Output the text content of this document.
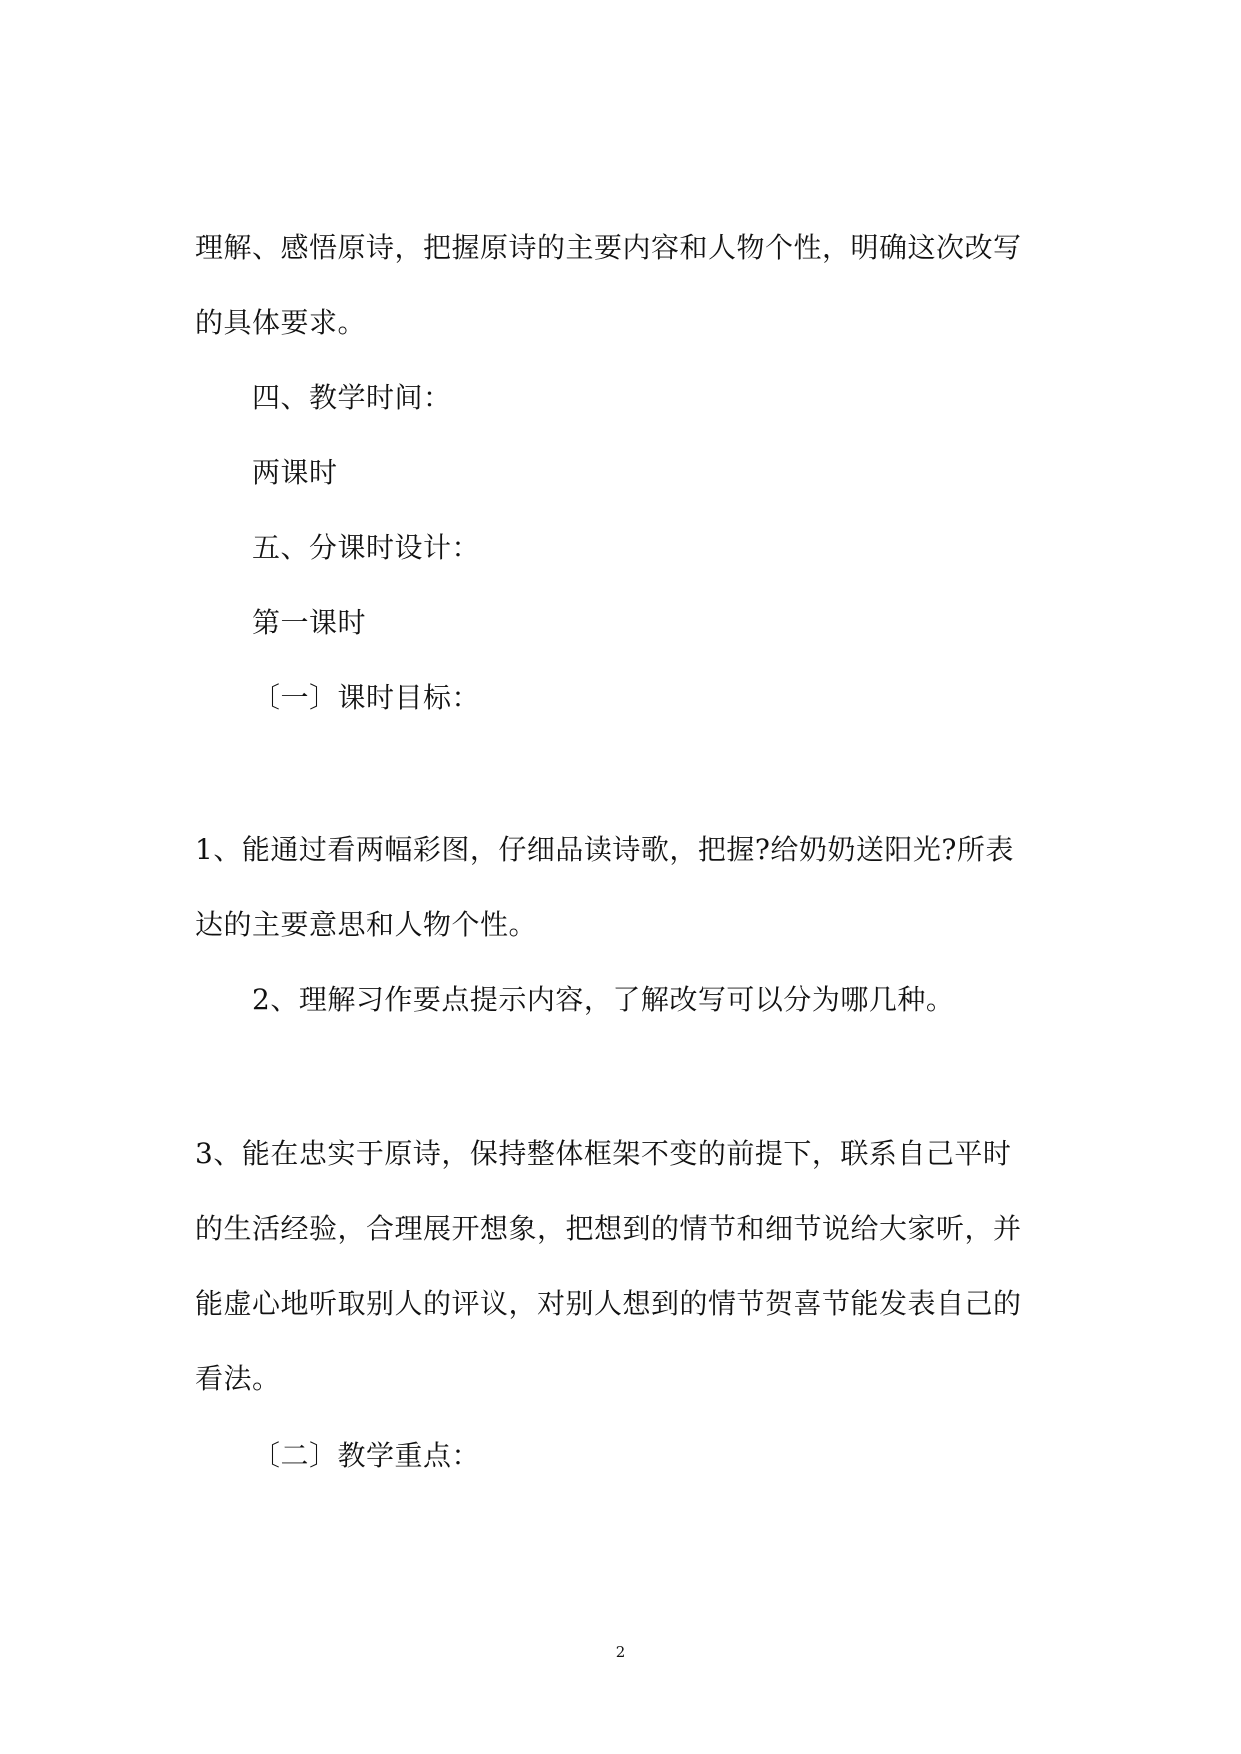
理解、感悟原诗，把握原诗的主要内容和人物个性，明确这次改写
的具体要求。
四、教学时间：
两课时
五、分课时设计：
第一课时
〔一〕课时目标：
1、能通过看两幅彩图，仔细品读诗歌，把握?给奶奶送阳光?所表
达的主要意思和人物个性。
2、理解习作要点提示内容，了解改写可以分为哪几种。
3、能在忠实于原诗，保持整体框架不变的前提下，联系自己平时
的生活经验，合理展开想象，把想到的情节和细节说给大家听，并
能虚心地听取别人的评议，对别人想到的情节贺喜节能发表自己的
看法。
〔二〕教学重点：
2
